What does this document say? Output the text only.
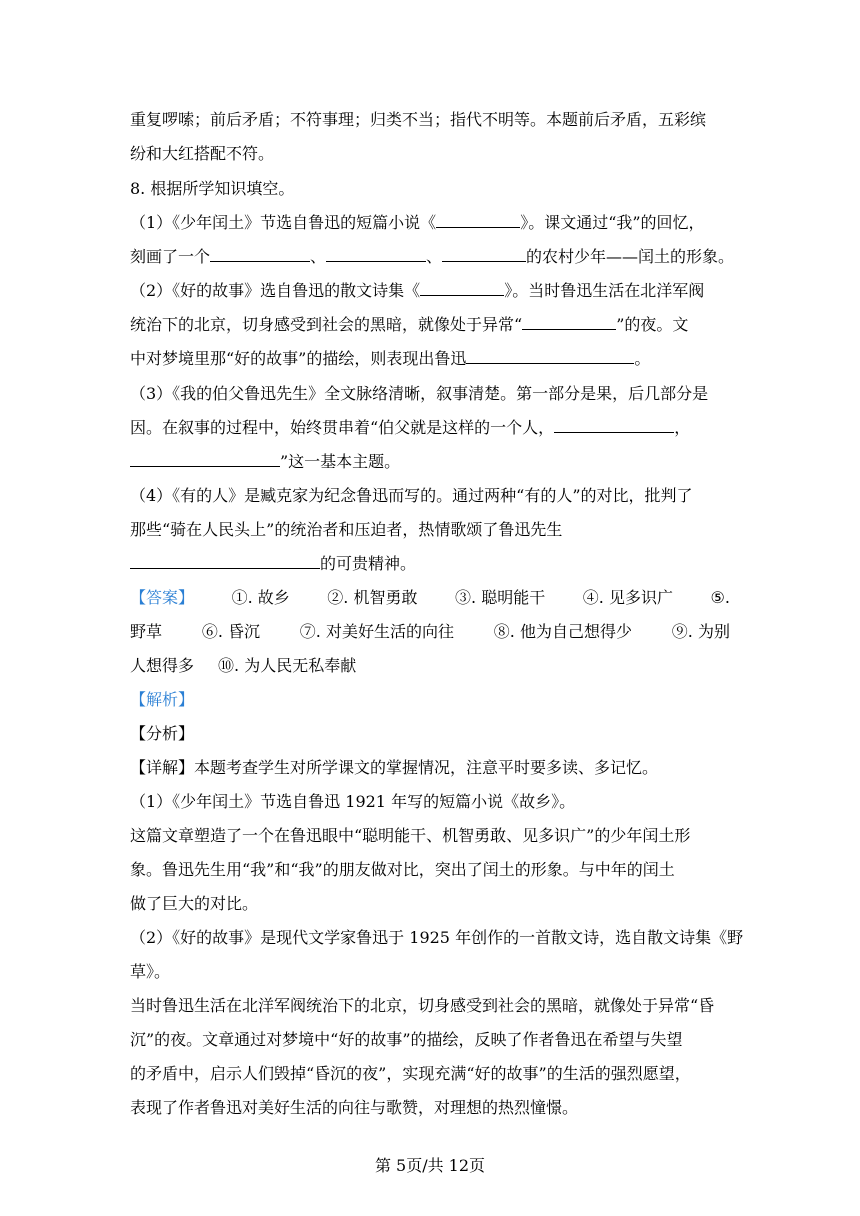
重复啰嗦；前后矛盾；不符事理；归类不当；指代不明等。本题前后矛盾，五彩缤
纷和大红搭配不符。
8. 根据所学知识填空。
（1）《少年闰土》节选自鲁迅的短篇小说《	》。课文通过“我”的回忆，
刻画了一个	、	、	的农村少年——闰土的形象。
（2）《好的故事》选自鲁迅的散文诗集《	》。当时鲁迅生活在北洋军阀
统治下的北京，切身感受到社会的黑暗，就像处于异常“	”的夜。文
中对梦境里那“好的故事”的描绘，则表现出鲁迅	。
（3）《我的伯父鲁迅先生》全文脉络清晰，叙事清楚。第一部分是果，后几部分是
因。在叙事的过程中，始终贯串着“伯父就是这样的一个人，	，
”这一基本主题。
（4）《有的人》是臧克家为纪念鲁迅而写的。通过两种“有的人”的对比，批判了
那些“骑在人民头上”的统治者和压迫者，热情歌颂了鲁迅先生
的可贵精神。
【答案】 ①. 故乡 ②. 机智勇敢 ③. 聪明能干 ④. 见多识广 ⑤.
野草 ⑥. 昏沉 ⑦. 对美好生活的向往 ⑧. 他为自己想得少 ⑨. 为别
人想得多 ⑩. 为人民无私奉献
【解析】
【分析】
【详解】本题考查学生对所学课文的掌握情况，注意平时要多读、多记忆。
（1）《少年闰土》节选自鲁迅 1921 年写的短篇小说《故乡》。
这篇文章塑造了一个在鲁迅眼中“聪明能干、机智勇敢、见多识广”的少年闰土形
象。鲁迅先生用“我”和“我”的朋友做对比，突出了闰土的形象。与中年的闰土
做了巨大的对比。
（2）《好的故事》是现代文学家鲁迅于 1925 年创作的一首散文诗，选自散文诗集《野
草》。
当时鲁迅生活在北洋军阀统治下的北京，切身感受到社会的黑暗，就像处于异常“昏
沉”的夜。文章通过对梦境中“好的故事”的描绘，反映了作者鲁迅在希望与失望
的矛盾中，启示人们毁掉“昏沉的夜”，实现充满“好的故事”的生活的强烈愿望，
表现了作者鲁迅对美好生活的向往与歌赞，对理想的热烈憧憬。
第 5页/共 12页
